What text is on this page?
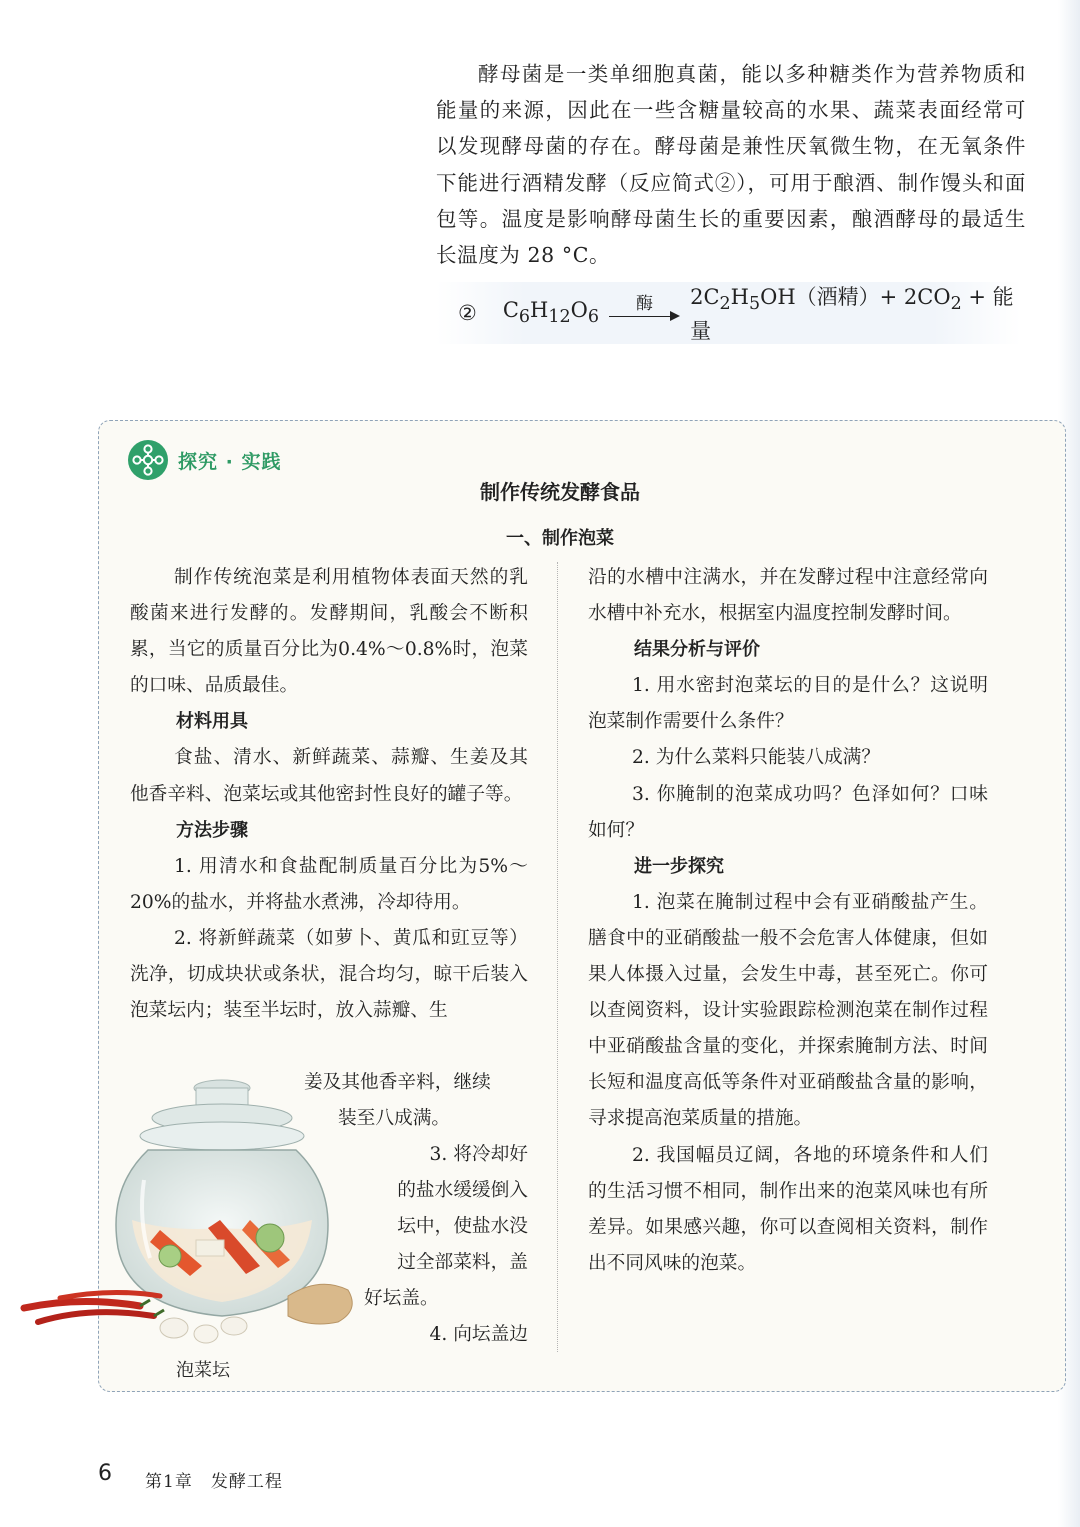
酵母菌是一类单细胞真菌，能以多种糖类作为营养物质和能量的来源，因此在一些含糖量较高的水果、蔬菜表面经常可以发现酵母菌的存在。酵母菌是兼性厌氧微生物，在无氧条件下能进行酒精发酵（反应简式②），可用于酿酒、制作馒头和面包等。温度是影响酵母菌生长的重要因素，酿酒酵母的最适生长温度为 28 °C。

② $C_6H_{12}O_6$
酶	$2C_2H_5OH$（酒精）+ $2CO_2$ + 能量
探究 · 实践
制作传统发酵食品
一、制作泡菜

制作传统泡菜是利用植物体表面天然的乳酸菌来进行发酵的。发酵期间，乳酸会不断积累，当它的质量百分比为0.4%～0.8%时，泡菜的口味、品质最佳。

材料用具

食盐、清水、新鲜蔬菜、蒜瓣、生姜及其他香辛料、泡菜坛或其他密封性良好的罐子等。

方法步骤

1. 用清水和食盐配制质量百分比为5%～20%的盐水，并将盐水煮沸，冷却待用。

2. 将新鲜蔬菜（如萝卜、黄瓜和豇豆等）洗净，切成块状或条状，混合均匀，晾干后装入泡菜坛内；装至半坛时，放入蒜瓣、生

姜及其他香辛料，继续
装至八成满。
3. 将冷却好
的盐水缓缓倒入
坛中，使盐水没
过全部菜料，盖
好坛盖。
4. 向坛盖边
泡菜坛

沿的水槽中注满水，并在发酵过程中注意经常向水槽中补充水，根据室内温度控制发酵时间。

结果分析与评价

1. 用水密封泡菜坛的目的是什么？这说明泡菜制作需要什么条件？

2. 为什么菜料只能装八成满？

3. 你腌制的泡菜成功吗？色泽如何？口味如何？

进一步探究

1. 泡菜在腌制过程中会有亚硝酸盐产生。膳食中的亚硝酸盐一般不会危害人体健康，但如果人体摄入过量，会发生中毒，甚至死亡。你可以查阅资料，设计实验跟踪检测泡菜在制作过程中亚硝酸盐含量的变化，并探索腌制方法、时间长短和温度高低等条件对亚硝酸盐含量的影响，寻求提高泡菜质量的措施。

2. 我国幅员辽阔，各地的环境条件和人们的生活习惯不相同，制作出来的泡菜风味也有所差异。如果感兴趣，你可以查阅相关资料，制作出不同风味的泡菜。

6 第1章　发酵工程
